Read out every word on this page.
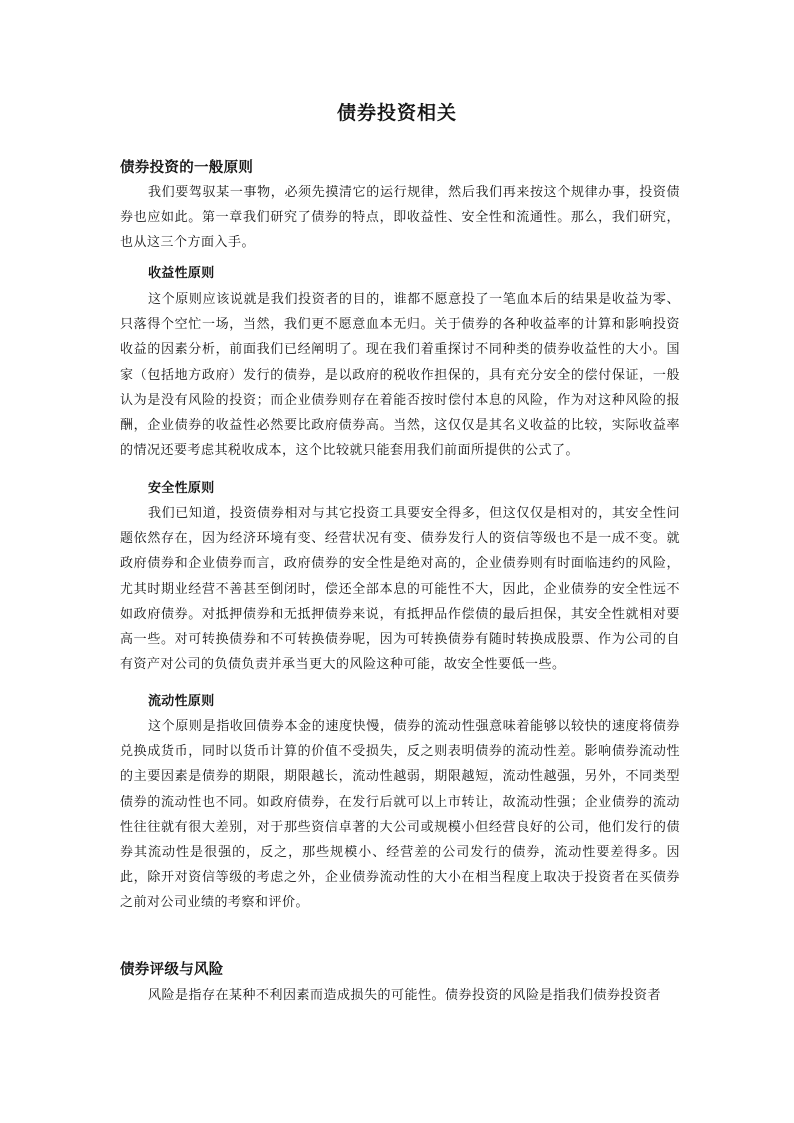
债券投资相关
债券投资的一般原则

我们要驾驭某一事物，必须先摸清它的运行规律，然后我们再来按这个规律办事，投资债券也应如此。第一章我们研究了债券的特点，即收益性、安全性和流通性。那么，我们研究，也从这三个方面入手。

收益性原则

这个原则应该说就是我们投资者的目的，谁都不愿意投了一笔血本后的结果是收益为零、只落得个空忙一场，当然，我们更不愿意血本无归。关于债券的各种收益率的计算和影响投资收益的因素分析，前面我们已经阐明了。现在我们着重探讨不同种类的债券收益性的大小。国家（包括地方政府）发行的债券，是以政府的税收作担保的，具有充分安全的偿付保证，一般认为是没有风险的投资；而企业债券则存在着能否按时偿付本息的风险，作为对这种风险的报酬，企业债券的收益性必然要比政府债券高。当然，这仅仅是其名义收益的比较，实际收益率的情况还要考虑其税收成本，这个比较就只能套用我们前面所提供的公式了。

安全性原则

我们已知道，投资债券相对与其它投资工具要安全得多，但这仅仅是相对的，其安全性问题依然存在，因为经济环境有变、经营状况有变、债券发行人的资信等级也不是一成不变。就政府债券和企业债券而言，政府债券的安全性是绝对高的，企业债券则有时面临违约的风险，尤其时期业经营不善甚至倒闭时，偿还全部本息的可能性不大，因此，企业债券的安全性远不如政府债券。对抵押债券和无抵押债券来说，有抵押品作偿债的最后担保，其安全性就相对要高一些。对可转换债券和不可转换债券呢，因为可转换债券有随时转换成股票、作为公司的自有资产对公司的负债负责并承当更大的风险这种可能，故安全性要低一些。

流动性原则

这个原则是指收回债券本金的速度快慢，债券的流动性强意味着能够以较快的速度将债券兑换成货币，同时以货币计算的价值不受损失，反之则表明债券的流动性差。影响债券流动性的主要因素是债券的期限，期限越长，流动性越弱，期限越短，流动性越强，另外，不同类型债券的流动性也不同。如政府债券，在发行后就可以上市转让，故流动性强；企业债券的流动性往往就有很大差别，对于那些资信卓著的大公司或规模小但经营良好的公司，他们发行的债券其流动性是很强的，反之，那些规模小、经营差的公司发行的债券，流动性要差得多。因此，除开对资信等级的考虑之外，企业债券流动性的大小在相当程度上取决于投资者在买债券之前对公司业绩的考察和评价。

债券评级与风险

风险是指存在某种不利因素而造成损失的可能性。债券投资的风险是指我们债券投资者
